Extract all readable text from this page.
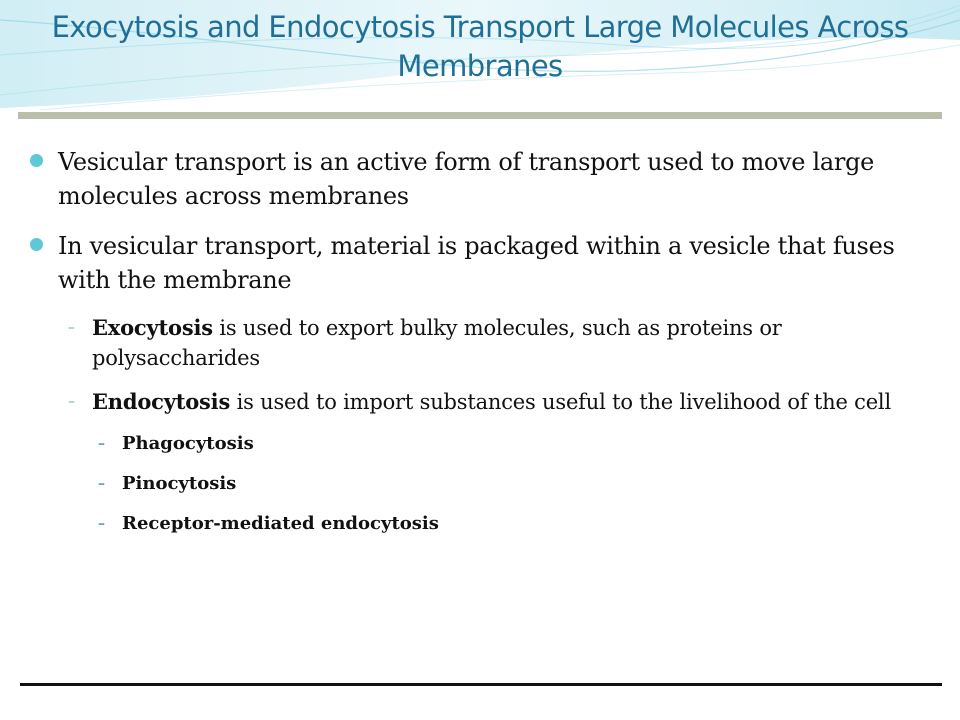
Exocytosis and Endocytosis Transport Large Molecules Across Membranes
Vesicular transport is an active form of transport used to move large molecules across membranes
In vesicular transport, material is packaged within a vesicle that fuses with the membrane
– Exocytosis is used to export bulky molecules, such as proteins or polysaccharides
– Endocytosis is used to import substances useful to the livelihood of the cell
– Phagocytosis
– Pinocytosis
– Receptor-mediated endocytosis
